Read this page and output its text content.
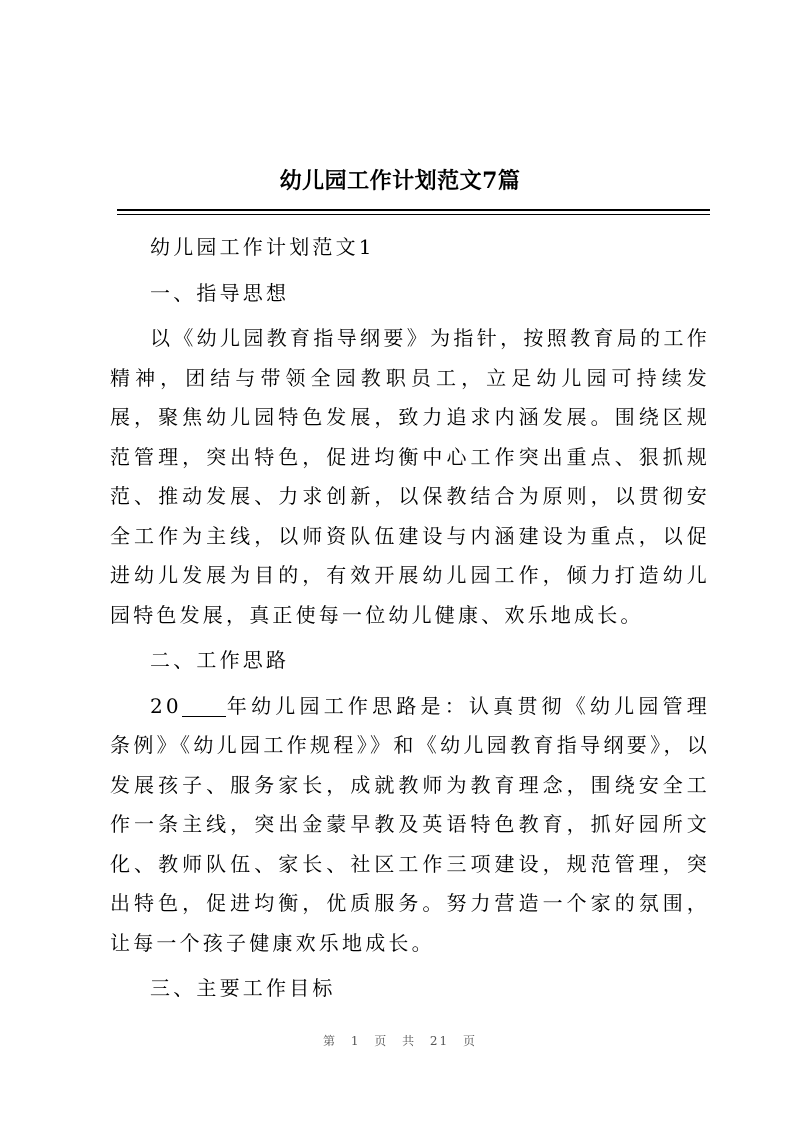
幼儿园工作计划范文7篇

幼儿园工作计划范文1

一、指导思想

以《幼儿园教育指导纲要》为指针，按照教育局的工作精神，团结与带领全园教职员工，立足幼儿园可持续发展，聚焦幼儿园特色发展，致力追求内涵发展。围绕区规范管理，突出特色，促进均衡中心工作突出重点、狠抓规范、推动发展、力求创新，以保教结合为原则，以贯彻安全工作为主线，以师资队伍建设与内涵建设为重点，以促进幼儿发展为目的，有效开展幼儿园工作，倾力打造幼儿园特色发展，真正使每一位幼儿健康、欢乐地成长。

二、工作思路

20 年幼儿园工作思路是：认真贯彻《幼儿园管理条例》《幼儿园工作规程》》和《幼儿园教育指导纲要》，以发展孩子、服务家长，成就教师为教育理念，围绕安全工作一条主线，突出金蒙早教及英语特色教育，抓好园所文化、教师队伍、家长、社区工作三项建设，规范管理，突出特色，促进均衡，优质服务。努力营造一个家的氛围，让每一个孩子健康欢乐地成长。

三、主要工作目标

第 1 页 共 21 页
